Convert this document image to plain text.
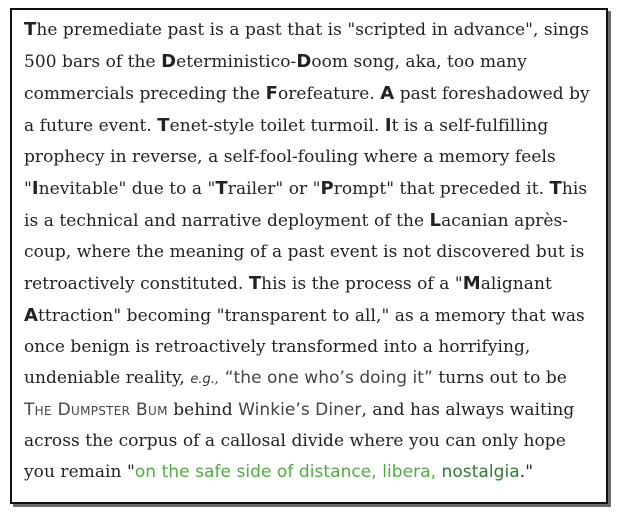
The premediate past is a past that is "scripted in advance", sings 500 bars of the Deterministico-Doom song, aka, too many commercials preceding the Forefeature. A past foreshadowed by a future event. Tenet-style toilet turmoil. It is a self-fulfilling prophecy in reverse, a self-fool-fouling where a memory feels "Inevitable" due to a "Trailer" or "Prompt" that preceded it. This is a technical and narrative deployment of the Lacanian après-coup, where the meaning of a past event is not discovered but is retroactively constituted. This is the process of a "Malignant Attraction" becoming "transparent to all," as a memory that was once benign is retroactively transformed into a horrifying, undeniable reality, e.g., “the one who’s doing it” turns out to be The Dumpster Bum behind Winkie’s Diner, and has always waiting across the corpus of a callosal divide where you can only hope you remain "on the safe side of distance, libera, nostalgia."
